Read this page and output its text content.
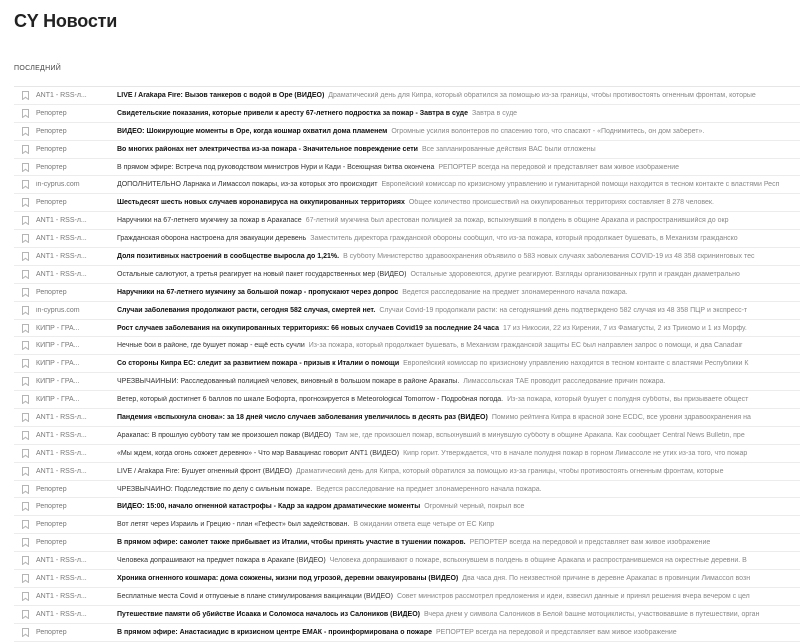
CY Новости
ПОСЛЕДНИЙ
ANT1 - RSS-л...	LIVE / Arakapa Fire: Вызов танкеров с водой в Оре (ВИДЕО) Драматический день для Кипра, который обратился за помощью из-за границы, чтобы противостоять огненным фронтам, которые
Репортер	Свидетельские показания, которые привели к аресту 67-летнего подростка за пожар - Завтра в суде Завтра в суде
Репортер	ВИДЕО: Шокирующие моменты в Оре, когда кошмар охватил дома пламенем Огромные усилия волонтеров по спасению того, что спасают - «Поднимитесь, он дом заберет».
Репортер	Во многих районах нет электричества из-за пожара - Значительное повреждение сети Все запланированные действия ВАС были отложены
Репортер	В прямом эфире: Встреча под руководством министров Нури и Кади - Всеющная битва окончена РЕПОРТЕР всегда на передовой и представляет вам живое изображение
in-cyprus.com	ДОПОЛНИТЕЛЬНО Ларнака и Лимассол пожары, из-за которых это происходит Европейский комиссар по кризисному управлению и гуманитарной помощи находится в тесном контакте с властями Респ
Репортер	Шестьдесят шесть новых случаев коронавируса на оккупированных территориях Общее количество происшествий на оккупированных территориях составляет 8 278 человек.
ANT1 - RSS-л...	Наручники на 67-летнего мужчину за пожар в Аракапасе 67-летний мужчина был арестован полицией за пожар, вспыхнувший в полдень в общине Аракапа и распространившийся до окр
ANT1 - RSS-л...	Гражданская оборона настроена для эвакуации деревень Заместитель директора гражданской обороны сообщил, что из-за пожара, который продолжает бушевать, в Механизм гражданско
ANT1 - RSS-л...	Доля позитивных настроений в сообществе выросла до 1,21%. В субботу Министерство здравоохранения объявило о 583 новых случаях заболевания COVID-19 из 48 358 скрининговых тес
ANT1 - RSS-л...	Остальные салютуют, а третья реагирует на новый пакет государственных мер (ВИДЕО) Остальные здоровеются, другие реагируют. Взгляды организованных групп и граждан диаметрально
Репортер	Наручники на 67-летнего мужчину за большой пожар - пропускают через допрос Ведется расследование на предмет злонамеренного начала пожара.
in-cyprus.com	Случаи заболевания продолжают расти, сегодня 582 случая, смертей нет. Случаи Covid-19 продолжали расти: на сегодняшний день подтверждено 582 случая из 48 358 ПЦР и экспресс-т
КИПР - ГРА...	Рост случаев заболевания на оккупированных территориях: 66 новых случаев Covid19 за последние 24 часа 17 из Никосии, 22 из Кирении, 7 из Фамагусты, 2 из Трикомо и 1 из Морфу.
КИПР - ГРА...	Нечные бои в районе, где бушует пожар - ещё есть сучли Из-за пожара, который продолжает бушевать, в Механизм гражданской защиты ЕС был направлен запрос о помощи, и два Canadair
КИПР - ГРА...	Со стороны Кипра ЕС: следит за развитием пожара - призыв к Италии о помощи Европейский комиссар по кризисному управлению находится в тесном контакте с властями Республики К
КИПР - ГРА...	ЧРЕЗВЫЧАЙНЫЙ: Расследованный полицией человек, виновный в большом пожаре в районе Аракапы. Лимассольская ТАЕ проводит расследование причин пожара.
КИПР - ГРА...	Ветер, который достигнет 6 баллов по шкале Бофорта, прогнозируется в Meteorological Tomorrow - Подробная погода. Из-за пожара, который бушует с полудня субботы, вы призываете общест
ANT1 - RSS-л...	Пандемия «вспыхнула снова»: за 18 дней число случаев заболевания увеличилось в десять раз (ВИДЕО) Помимо рейтинга Кипра в красной зоне ECDC, все уровни здравоохранения на
ANT1 - RSS-л...	Аракапас: В прошлую субботу там же произошел пожар (ВИДЕО) Там же, где произошел пожар, вспыхнувший в минувшую субботу в общине Аракапа. Как сообщает Central News Bulletin, пре
ANT1 - RSS-л...	«Мы ждем, когда огонь сожжет деревню» - Что мэр Вавацинас говорит ANT1 (ВИДЕО) Кипр горит. Утверждается, что в начале полудня пожар в горном Лимассоле не утих из-за того, что пожар
ANT1 - RSS-л...	LIVE / Arakapa Fire: Бушует огненный фронт (ВИДЕО) Драматический день для Кипра, который обратился за помощью из-за границы, чтобы противостоять огненным фронтам, которые
Репортер	ЧРЕЗВЫЧАЙНО: Подследствие по делу с сильным пожаре. Ведется расследование на предмет злонамеренного начала пожара.
Репортер	ВИДЕО: 15:00, начало огненной катастрофы - Кадр за кадром драматические моменты Огромный черный, покрыл все
Репортер	Вот летят через Израиль и Грецию - план «Гефест» был задействован. В ожидании ответа еще четыре от ЕС Кипр
Репортер	В прямом эфире: самолет также прибывает из Италии, чтобы принять участие в тушении пожаров. РЕПОРТЕР всегда на передовой и представляет вам живое изображение
ANT1 - RSS-л...	Человека допрашивают на предмет пожара в Аракапе (ВИДЕО) Человека допрашивают о пожаре, вспыхнувшем в полдень в общине Аракапа и распространившемся на окрестные деревни. В
ANT1 - RSS-л...	Хроника огненного кошмара: дома сожжены, жизни под угрозой, деревни эвакуированы (ВИДЕО) Два часа дня. По неизвестной причине в деревне Аракапас в провинции Лимассол возн
ANT1 - RSS-л...	Бесплатные места Covid и отпускные в плане стимулирования вакцинации (ВИДЕО) Совет министров рассмотрел предложения и идеи, взвесил данные и принял решения вчера вечером с цел
ANT1 - RSS-л...	Путешествие памяти об убийстве Исаака и Соломоса началось из Салоников (ВИДЕО) Вчера днем у символа Салоников в Белой башне мотоциклисты, участвовавшие в путешествии, орган
Репортер	В прямом эфире: Анастасиадис в кризисном центре ЕМАК - проинформирована о пожаре РЕПОРТЕР всегда на передовой и представляет вам живое изображение
